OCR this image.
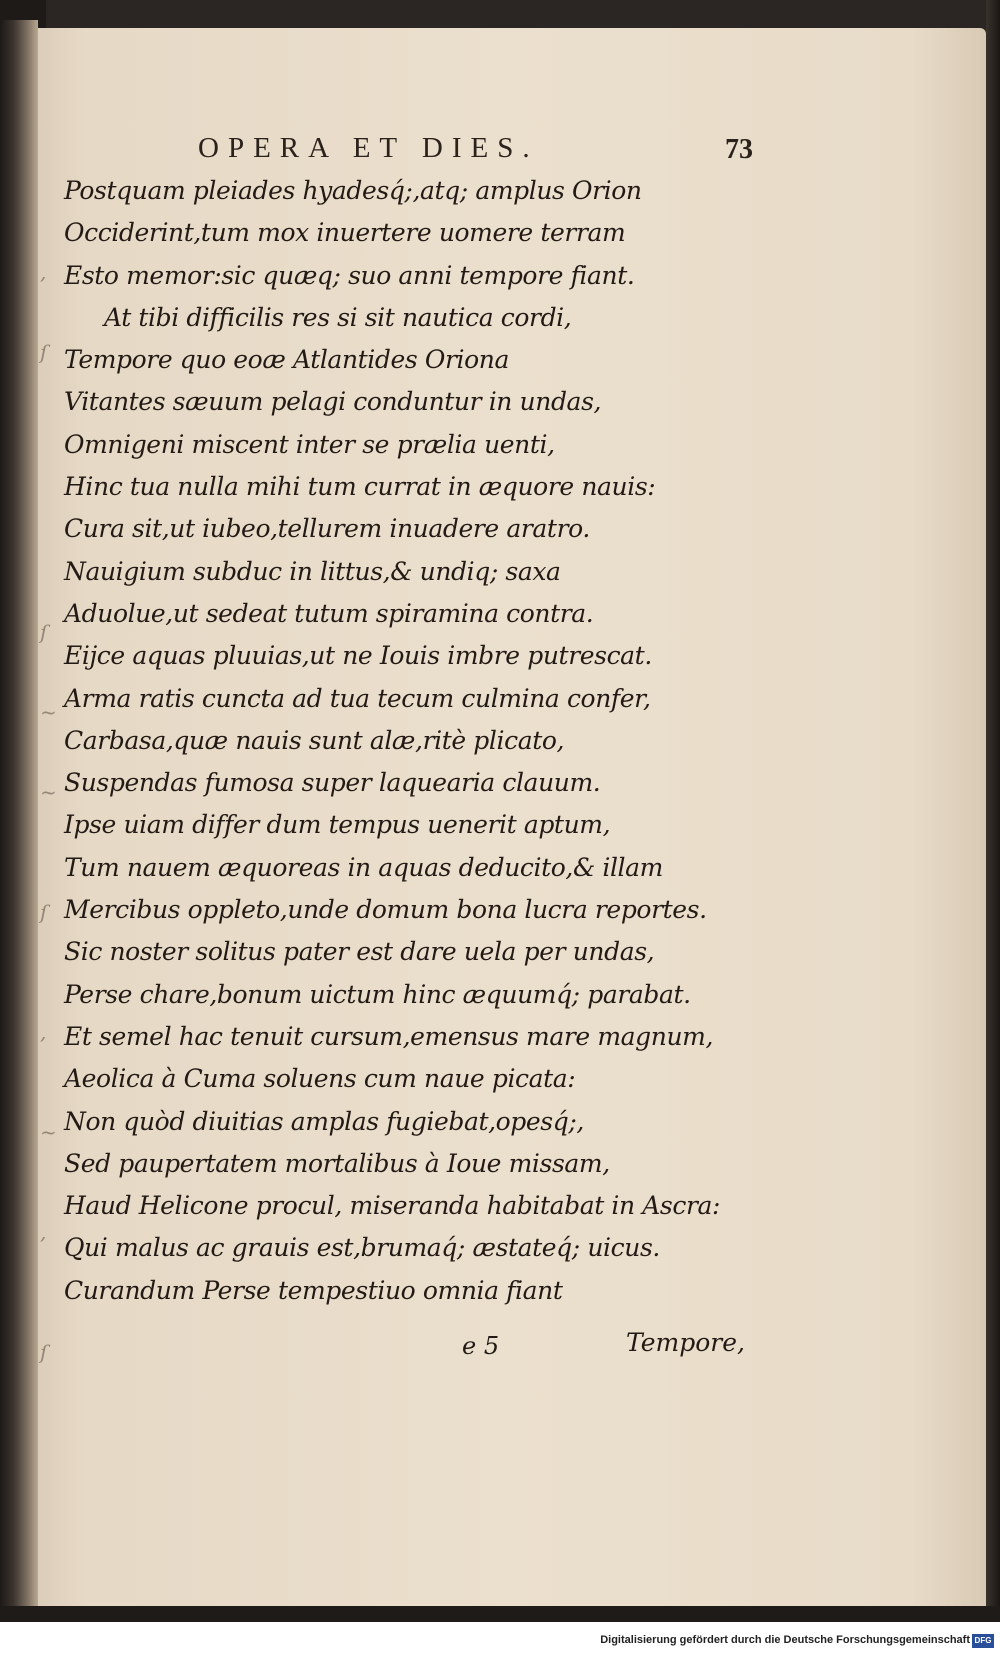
,
ſ
ſ
~
~
ſ
,
~
,
ſ
OPERA ET DIES.	73
Postquam pleiades hyadesq́;,atq; amplus Orion
Occiderint,tum mox inuertere uomere terram
Esto memor:sic quæq; suo anni tempore fiant.
At tibi difficilis res si sit nautica cordi,
Tempore quo eoæ Atlantides Oriona
Vitantes sæuum pelagi conduntur in undas,
Omnigeni miscent inter se prælia uenti,
Hinc tua nulla mihi tum currat in æquore nauis:
Cura sit,ut iubeo,tellurem inuadere aratro.
Nauigium subduc in littus,& undiq; saxa
Aduolue,ut sedeat tutum spiramina contra.
Eijce aquas pluuias,ut ne Iouis imbre putrescat.
Arma ratis cuncta ad tua tecum culmina confer,
Carbasa,quæ nauis sunt alæ,ritè plicato,
Suspendas fumosa super laquearia clauum.
Ipse uiam differ dum tempus uenerit aptum,
Tum nauem æquoreas in aquas deducito,& illam
Mercibus oppleto,unde domum bona lucra reportes.
Sic noster solitus pater est dare uela per undas,
Perse chare,bonum uictum hinc æquumq́; parabat.
Et semel hac tenuit cursum,emensus mare magnum,
Aeolica à Cuma soluens cum naue picata:
Non quòd diuitias amplas fugiebat,opesq́;,
Sed paupertatem mortalibus à Ioue missam,
Haud Helicone procul, miseranda habitabat in Ascra:
Qui malus ac grauis est,brumaq́; æstateq́; uicus.
Curandum Perse tempestiuo omnia fiant
e 5	Tempore,
Digitalisierung gefördert durch die Deutsche Forschungsgemeinschaft DFG
